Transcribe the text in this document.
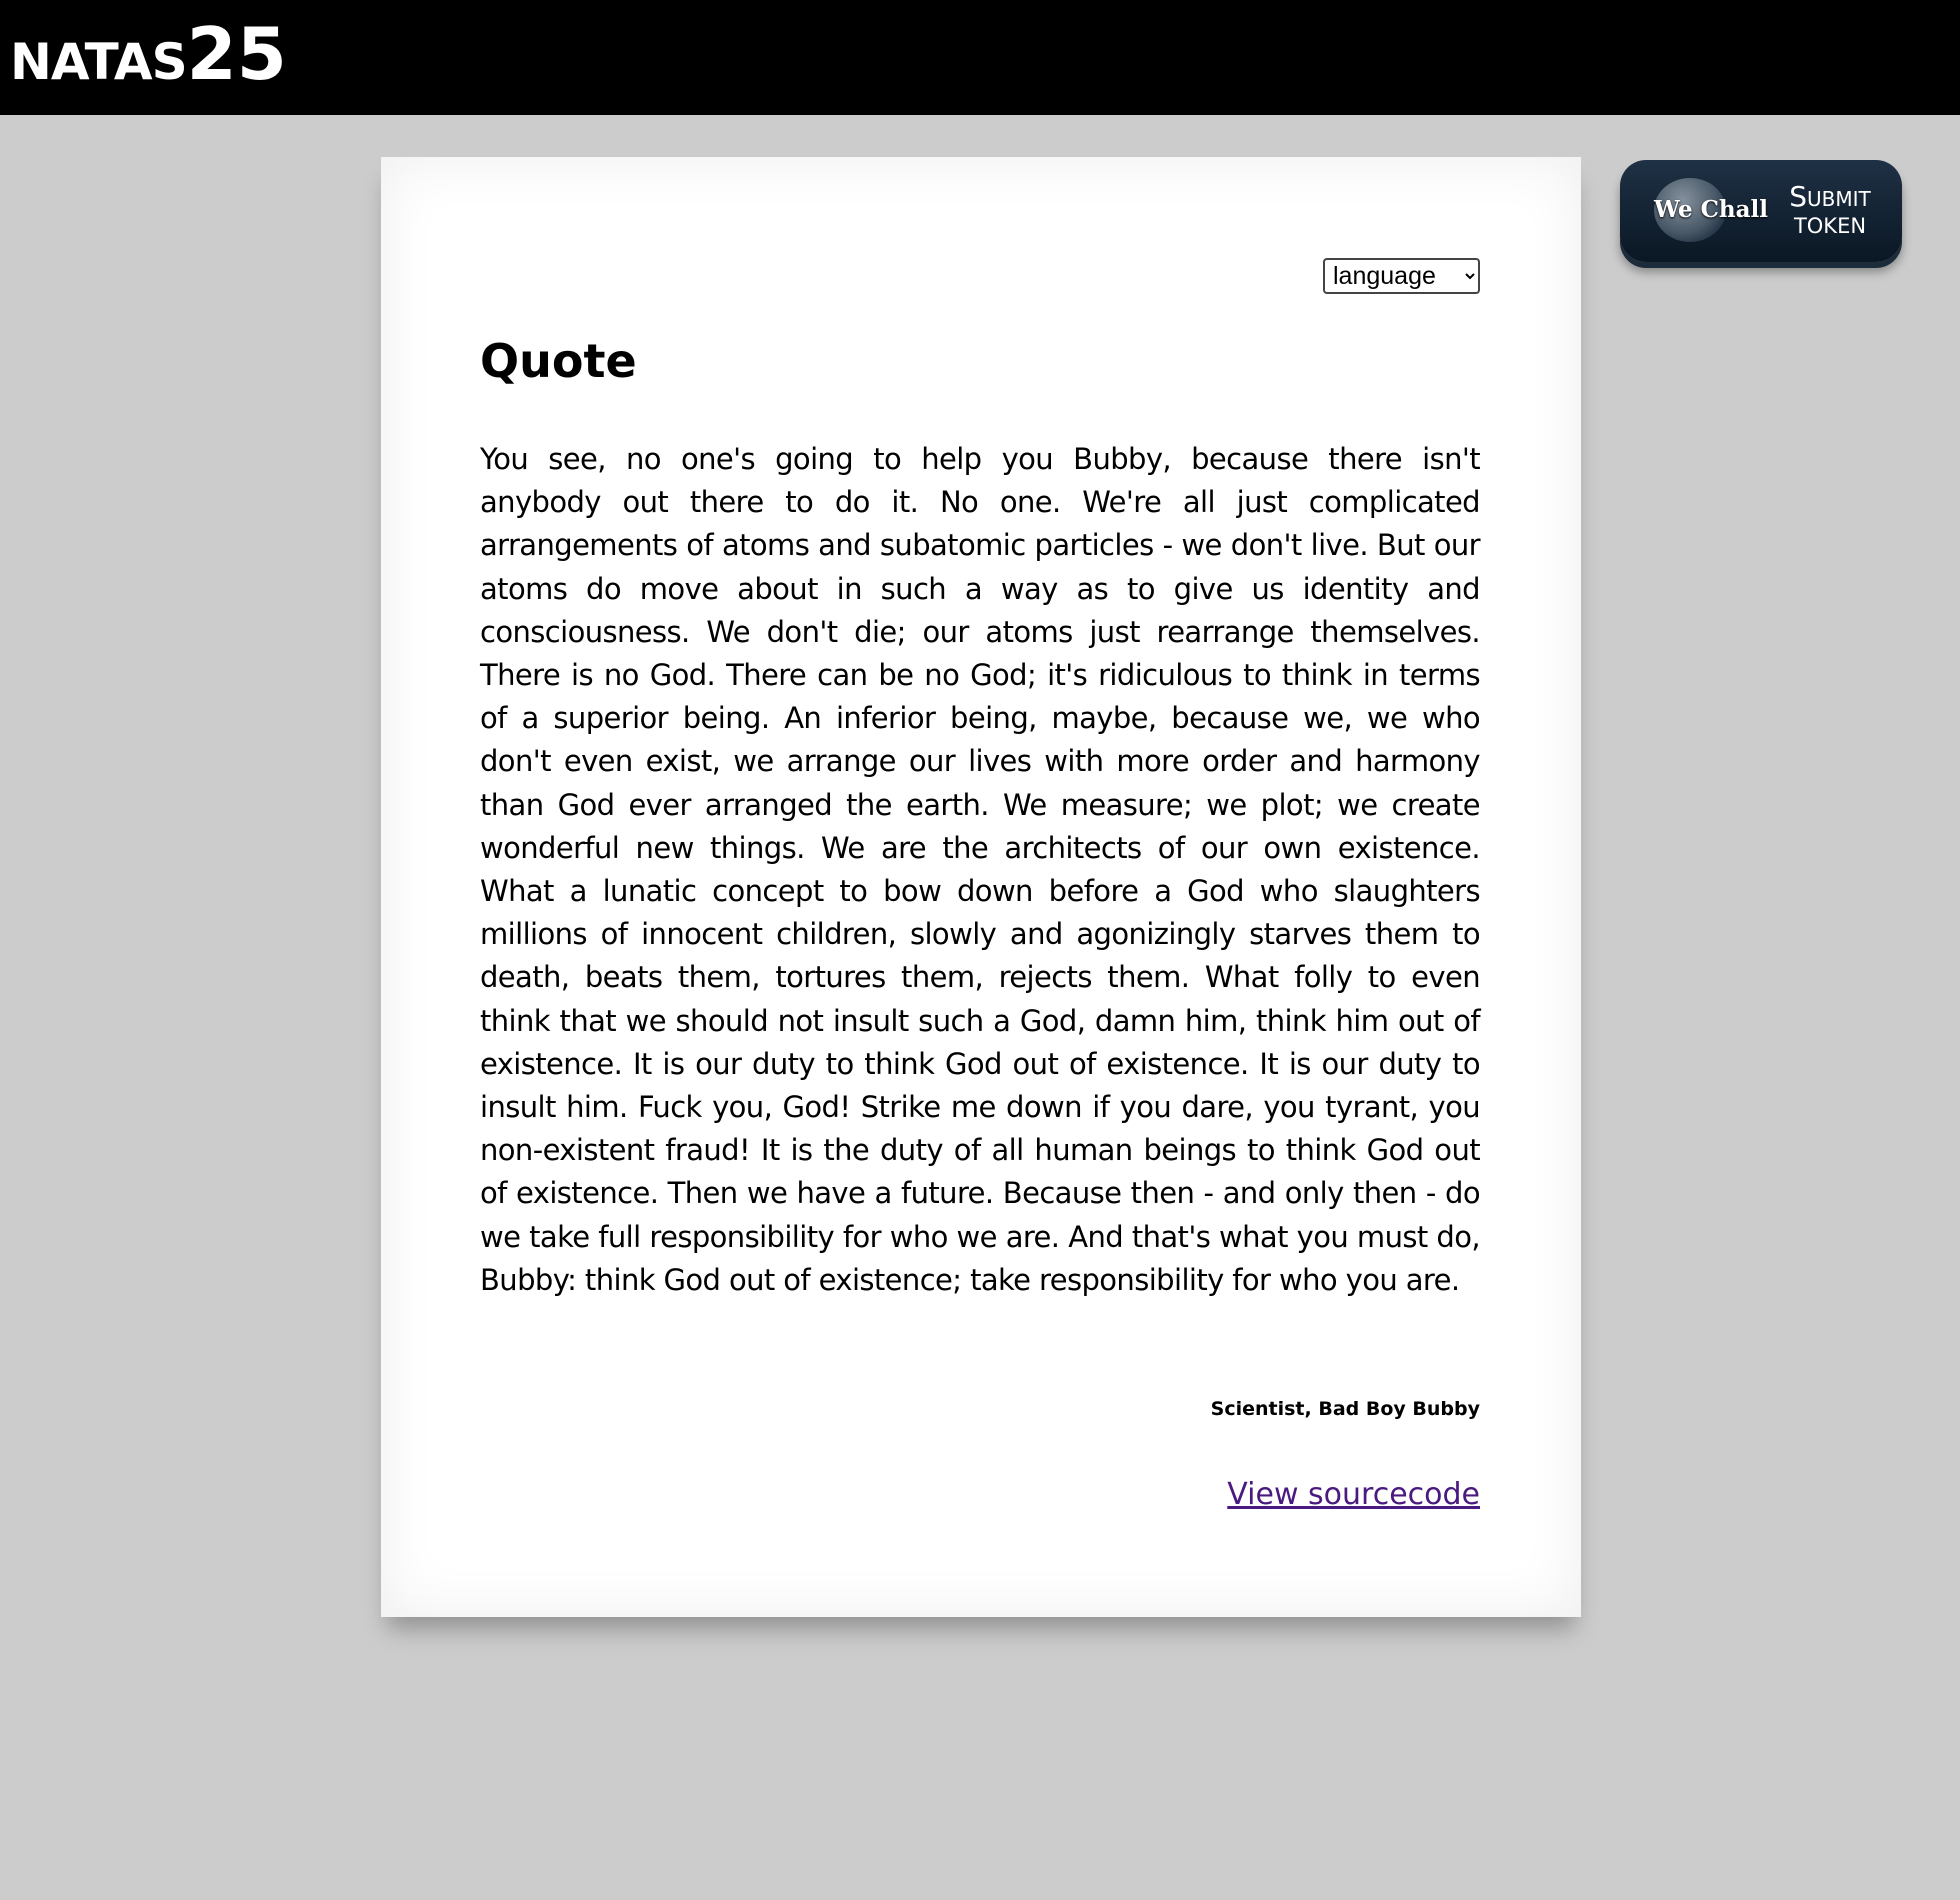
NATAS25
We Chall Submit
TOKEN
language
Quote

You see, no one's going to help you Bubby, because there isn't anybody out there to do it. No one. We're all just complicated arrangements of atoms and subatomic particles - we don't live. But our atoms do move about in such a way as to give us identity and consciousness. We don't die; our atoms just rearrange themselves. There is no God. There can be no God; it's ridiculous to think in terms of a superior being. An inferior being, maybe, because we, we who don't even exist, we arrange our lives with more order and harmony than God ever arranged the earth. We measure; we plot; we create wonderful new things. We are the architects of our own existence. What a lunatic concept to bow down before a God who slaughters millions of innocent children, slowly and agonizingly starves them to death, beats them, tortures them, rejects them. What folly to even think that we should not insult such a God, damn him, think him out of existence. It is our duty to think God out of existence. It is our duty to insult him. Fuck you, God! Strike me down if you dare, you tyrant, you non-existent fraud! It is the duty of all human beings to think God out of existence. Then we have a future. Because then - and only then - do we take full responsibility for who we are. And that's what you must do, Bubby: think God out of existence; take responsibility for who you are.

Scientist, Bad Boy Bubby
View sourcecode
